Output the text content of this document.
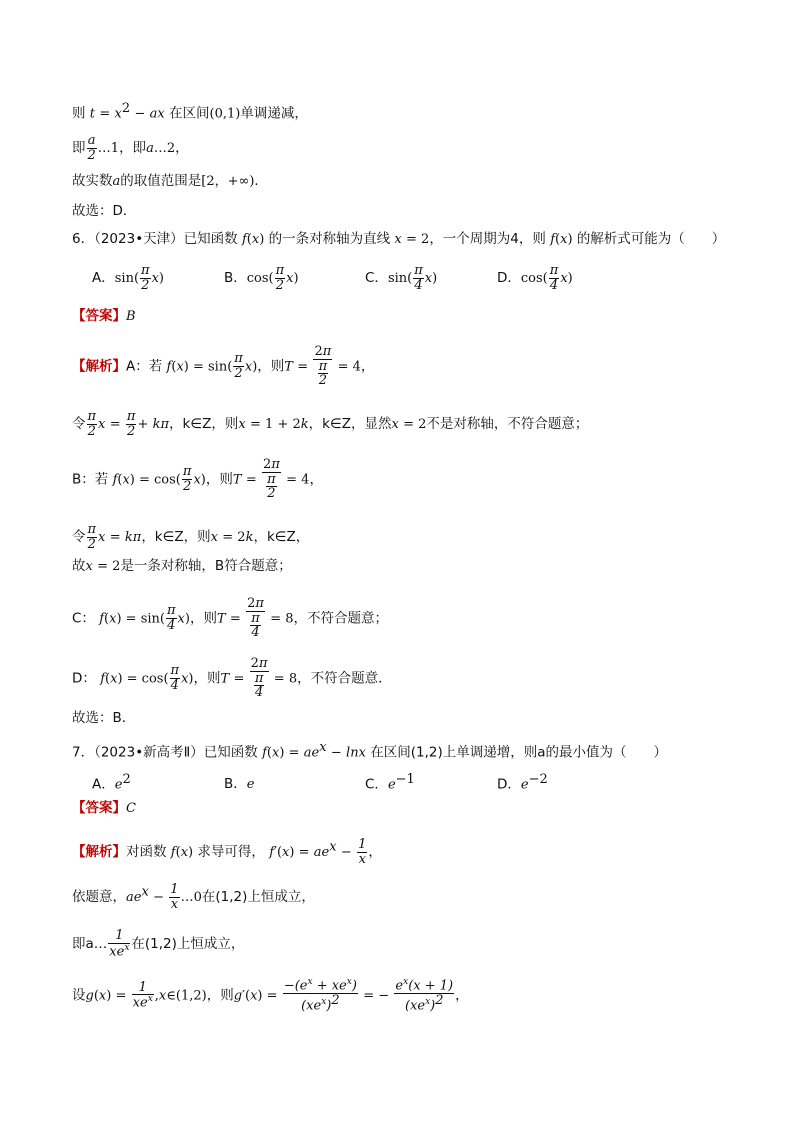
则 $t = x^2$ − ax 在区间(0,1)单调递减，
即 $\frac{a}{2}$ …1，即a…2，
故实数a的取值范围是[2，+∞)．
故选：D．
6．（2023•天津）已知函数 f(x) 的一条对称轴为直线 x = 2，一个周期为4，则 f(x) 的解析式可能为（　　）
A．$\sin( \frac{\pi}{2} x)$	B．$\cos( \frac{\pi}{2} x)$	C．$\sin( \frac{\pi}{4} x)$	D．$\cos( \frac{\pi}{4} x)$
【答案】B
【解析】A：若 $f(x) = \sin( \frac{\pi}{2} x)$，则$T = \frac{2\pi}{\frac{\pi}{2}} = 4$，
令 $\frac{\pi}{2}$ $x = \frac{\pi}{2} + k\pi$，k∈Z，则x = 1 + 2k，k∈Z，显然x = 2不是对称轴，不符合题意；
B：若 $f(x) = \cos( \frac{\pi}{2} x)$，则$T = \frac{2\pi}{\frac{\pi}{2}} = 4$，
令 $\frac{\pi}{2}$ x = kπ，k∈Z，则x = 2k，k∈Z，
故x = 2是一条对称轴，B符合题意；
C： $f(x) = \sin( \frac{\pi}{4} x)$，则$T = \frac{2\pi}{\frac{\pi}{4}} = 8$，不符合题意；
D： $f(x) = \cos( \frac{\pi}{4} x)$，则$T = \frac{2\pi}{\frac{\pi}{4}} = 8$，不符合题意．
故选：B．
7．（2023•新高考Ⅱ）已知函数 $f(x) = ae^x - \ln x$ 在区间(1,2)上单调递增，则a的最小值为（　　）
A．$e^2$	B．e	C．$e^{-1}$	D．$e^{-2}$
【答案】C
【解析】对函数 f(x) 求导可得， $f'(x) = ae^x - \frac{1}{x}$ ，
依题意，$ae^x - \frac{1}{x}$ …0在(1,2)上恒成立，
即a… $\frac{1}{xe^x}$ 在(1,2)上恒成立，
设$g(x) = \frac{1}{xe^x}$ ,x∈(1,2)，则$g'(x) = \frac{-(e^x + xe^x)}{(xe^x)^2}$ = − $\frac{e^x(x + 1)}{(xe^x)^2}$ ，
